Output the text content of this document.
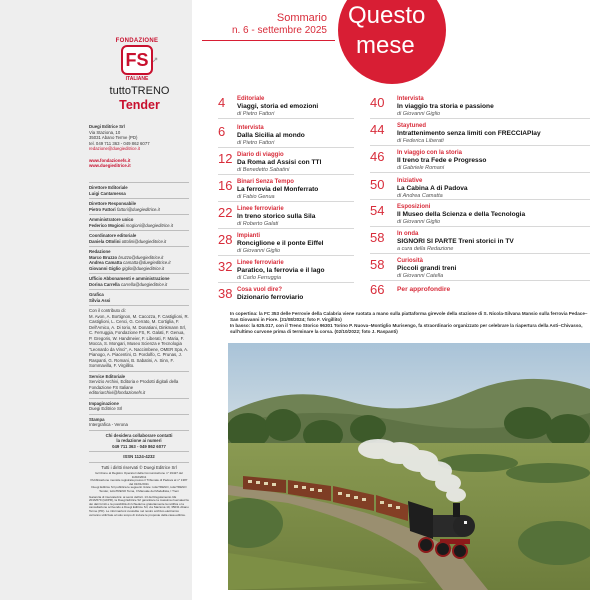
FONDAZIONE
FS ↗
ITALIANE
tuttoTRENO
Tender

Duegi Editrice Srl
Via Staziona, 10
35031 Abano Terme (PD)
tel. 049 711 363 - 049 862 6077
redazione@duegieditrice.it

www.fondazionefs.it
www.duegieditrice.it

Direttore Editoriale
Luigi Cantamessa

Direttore Responsabile
Pietro Fattori fattori@duegieditrice.it

Amministratore unico
Federico Mogioni mogioni@duegieditrice.it

Coordinatore editoriale
Daniela Ottolini ottolini@duegieditrice.it

Redazione
Marco Bruzzo bruzzo@duegieditrice.it
Andrea Camatta camatta@duegieditrice.it
Giovanni Giglio giglio@duegieditrice.it

Ufficio Abbonamenti e amministrazione
Dorina Carrella carrella@duegieditrice.it

Grafica
Silvia Assi

Con il contributo di:
M. Avon, A. Bortignon, M. Cacozza, F. Castiglioni, R. Castiglioni, L. Cenci, G. Cerrato, M. Cortiglia, F. Dell'Amico, A. Di Iorio, M. Donatiani, Dinkmann Srl, C. Ferruggia, Fondazione FS, R. Galati, F. Genua, P. Gregoris, W. Handmeier, F. Liberati, F. Maria, F. Mocca, S. Mongari, Museo Scienza e Tecnologia "Leonardo da Vinci", A. Naccimbene, OMER Spa, A. Pianogo, A. Piacentini, D. Pordolfo, C. Prunas, J. Raspanti, G. Romani, B. Sabatini, A. Sinn, F. Sommavilla, F. Virgillito.

Service Editoriale
Servizio Archivi, Editoria e Prodotti digitali della Fondazione FS Italiane
editoriarchivi@fondazionefs.it

Impaginazione
Duegi Editrice Srl

Stampa
Intergrafica - Verona

Chi desidera collaborare contatti
la redazione ai numeri
049 711 363 - 049 862 6077
ISSN 1124-4232
Tutti i diritti riservati © Duegi Editrice Srl
Iscrizione al Registro Operatori della Comunicazione n° 19427 del 11/02/2011
Pubblicazione mensile registrata presso il Tribunale di Padova al n° 1387 del 01/01/2011
Duegi Editrice Srl pubblica le seguenti riviste: tuttoTRENO, tuttoTRENO Tender, tuttoTRENO Tema, Il Manuale del Modellista, I Treni
Garanzia di riservatezza: ai sensi dell'art. 13 del Regolamento UE 2016/679 (GDPR), la Duegi Editrice Srl garantisce la massima riservatezza dei dati forniti e la possibilità di richiederne gratuitamente la rettifica o la cancellazione scrivendo a Duegi Editrice Srl, via Staziona 10, 35031 Abano Terme (PD). Le informazioni custodite nel nostro archivio elettronico verranno utilizzate al solo scopo di inviare le proposte della casa editrice.
Sommario
n. 6 - settembre 2025
Questo
mese
4 Editoriale
Viaggi, storia ed emozioni
di Pietro Fattori
6 Intervista
Dalla Sicilia al mondo
di Pietro Fattori
12 Diario di viaggio
Da Roma ad Assisi con TTI
di Benedetto Sabatini
16 Binari Senza Tempo
La ferrovia del Monferrato
di Fabio Genua
22 Linee ferroviarie
In treno storico sulla Sila
di Roberto Galati
28 Impianti
Ronciglione e il ponte Eiffel
di Giovanni Giglio
32 Linee ferroviarie
Paratico, la ferrovia e il lago
di Carlo Ferruggia
38 Cosa vuol dire?
Dizionario ferroviario
40 Intervista
In viaggio tra storia e passione
di Giovanni Giglio
44 Staytuned
Intrattenimento senza limiti con FRECCIAPlay
di Federica Liberati
46 In viaggio con la storia
Il treno tra Fede e Progresso
di Gabriele Romani
50 Iniziative
La Cabina A di Padova
di Andrea Camatta
54 Esposizioni
Il Museo della Scienza e della Tecnologia
di Giovanni Giglio
58 In onda
SIGNORI SI PARTE Treni storici in TV
a cura della Redazione
58 Curiosità
Piccoli grandi treni
di Giovanni Catella
66 Per approfondire
In copertina: la FC 353 delle Ferrovie della Calabria viene ruotata a mano sulla piattaforma girevole della stazione di S. Nicola-Silvana Mansio sulla ferrovia Pedace–San Giovanni in Fiore. (31/08/2024; foto F. Virgillito)
In basso: la 625.017, con il Treno Storico 96301 Torino P. Nuova–Montiglio Murisengo, fa straordinario organizzato per celebrare la riapertura della Asti–Chivasso, sull'ultimo curvone prima di terminare la corsa. (02/10/2022; foto J. Raspanti)
